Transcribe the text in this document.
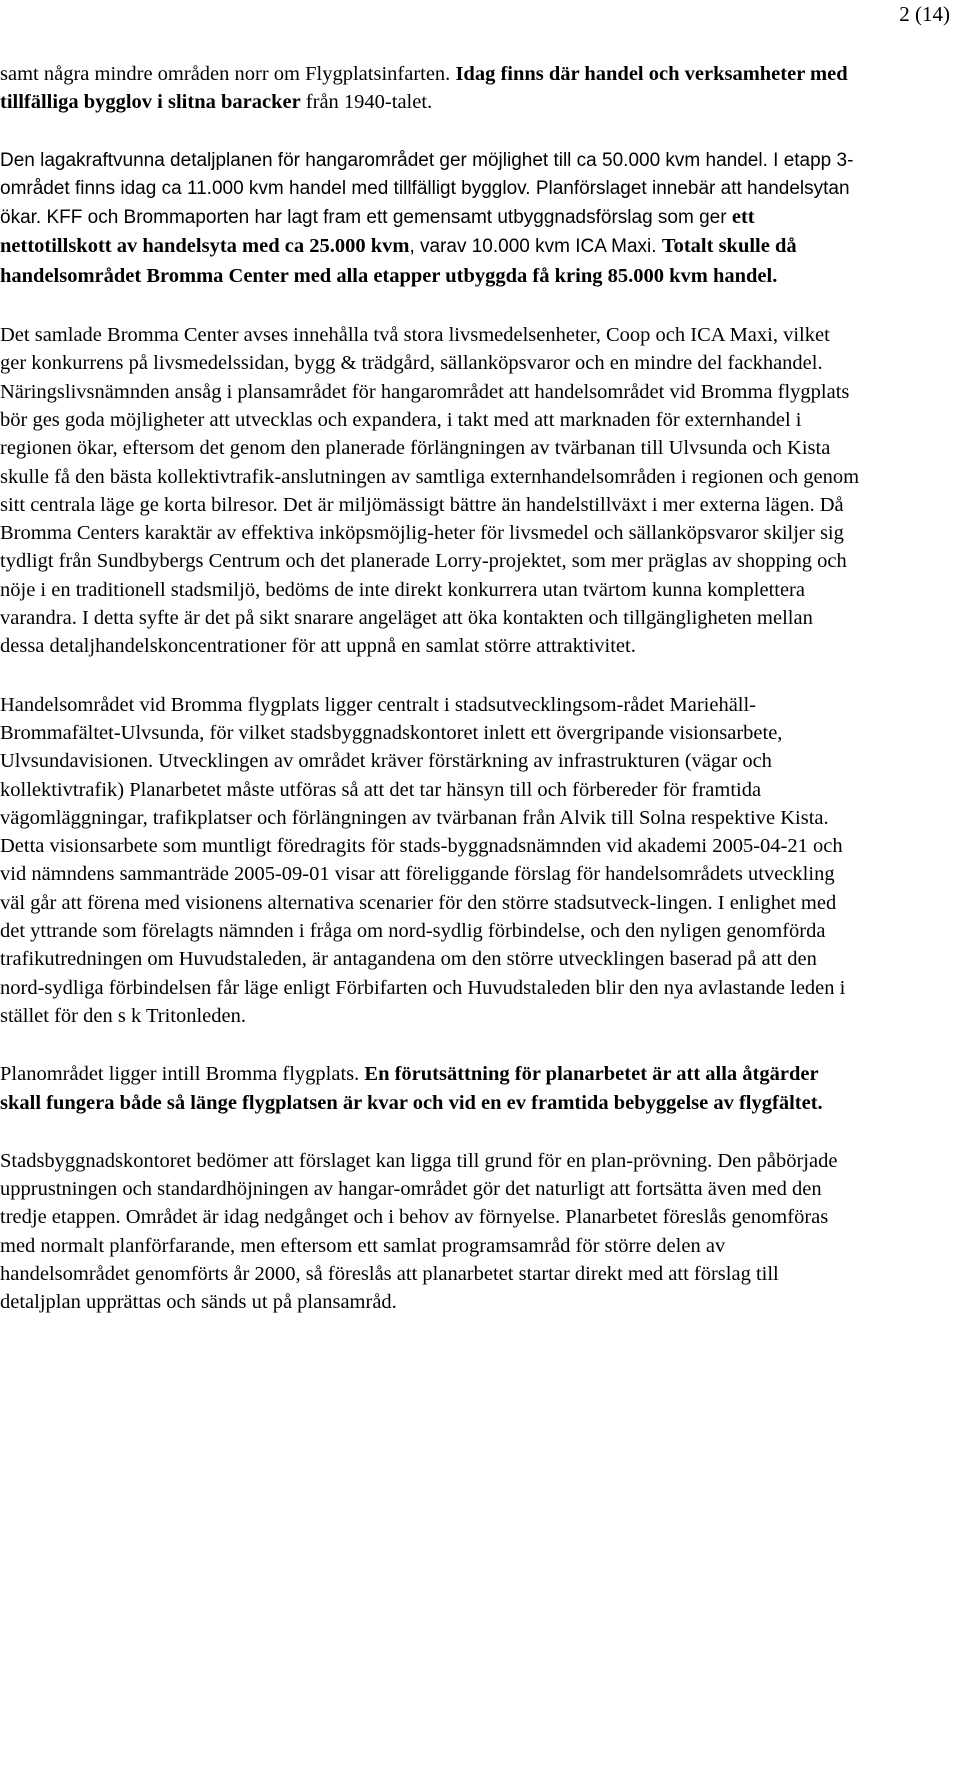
2 (14)

samt några mindre områden norr om Flygplatsinfarten. Idag finns där handel och verksamheter med tillfälliga bygglov i slitna baracker från 1940-talet.

Den lagakraftvunna detaljplanen för hangarområdet ger möjlighet till ca 50.000 kvm handel. I etapp 3-området finns idag ca 11.000 kvm handel med tillfälligt bygglov. Planförslaget innebär att handelsytan ökar. KFF och Brommaporten har lagt fram ett gemensamt utbyggnadsförslag som ger ett nettotillskott av handelsyta med ca 25.000 kvm, varav 10.000 kvm ICA Maxi. Totalt skulle då handelsområdet Bromma Center med alla etapper utbyggda få kring 85.000 kvm handel.

Det samlade Bromma Center avses innehålla två stora livsmedelsenheter, Coop och ICA Maxi, vilket ger konkurrens på livsmedelssidan, bygg & trädgård, sällanköpsvaror och en mindre del fackhandel. Näringslivsnämnden ansåg i plansamrådet för hangarområdet att handelsområdet vid Bromma flygplats bör ges goda möjligheter att utvecklas och expandera, i takt med att marknaden för externhandel i regionen ökar, eftersom det genom den planerade förlängningen av tvärbanan till Ulvsunda och Kista skulle få den bästa kollektivtrafik-anslutningen av samtliga externhandelsområden i regionen och genom sitt centrala läge ge korta bilresor. Det är miljömässigt bättre än handelstillväxt i mer externa lägen. Då Bromma Centers karaktär av effektiva inköpsmöjlig-heter för livsmedel och sällanköpsvaror skiljer sig tydligt från Sundbybergs Centrum och det planerade Lorry-projektet, som mer präglas av shopping och nöje i en traditionell stadsmiljö, bedöms de inte direkt konkurrera utan tvärtom kunna komplettera varandra. I detta syfte är det på sikt snarare angeläget att öka kontakten och tillgängligheten mellan dessa detaljhandelskoncentrationer för att uppnå en samlat större attraktivitet.

Handelsområdet vid Bromma flygplats ligger centralt i stadsutvecklingsom-rådet Mariehäll-Brommafältet-Ulvsunda, för vilket stadsbyggnadskontoret inlett ett övergripande visionsarbete, Ulvsundavisionen. Utvecklingen av området kräver förstärkning av infrastrukturen (vägar och kollektivtrafik) Planarbetet måste utföras så att det tar hänsyn till och förbereder för framtida vägomläggningar, trafikplatser och förlängningen av tvärbanan från Alvik till Solna respektive Kista. Detta visionsarbete som muntligt föredragits för stads-byggnadsnämnden vid akademi 2005-04-21 och vid nämndens sammanträde 2005-09-01 visar att föreliggande förslag för handelsområdets utveckling väl går att förena med visionens alternativa scenarier för den större stadsutveck-lingen. I enlighet med det yttrande som förelagts nämnden i fråga om nord-sydlig förbindelse, och den nyligen genomförda trafikutredningen om Huvudstaleden, är antagandena om den större utvecklingen baserad på att den nord-sydliga förbindelsen får läge enligt Förbifarten och Huvudstaleden blir den nya avlastande leden i stället för den s k Tritonleden.

Planområdet ligger intill Bromma flygplats. En förutsättning för planarbetet är att alla åtgärder skall fungera både så länge flygplatsen är kvar och vid en ev framtida bebyggelse av flygfältet.

Stadsbyggnadskontoret bedömer att förslaget kan ligga till grund för en plan-prövning. Den påbörjade upprustningen och standardhöjningen av hangar-området gör det naturligt att fortsätta även med den tredje etappen. Området är idag nedgånget och i behov av förnyelse. Planarbetet föreslås genomföras med normalt planförfarande, men eftersom ett samlat programsamråd för större delen av handelsområdet genomförts år 2000, så föreslås att planarbetet startar direkt med att förslag till detaljplan upprättas och sänds ut på plansamråd.
